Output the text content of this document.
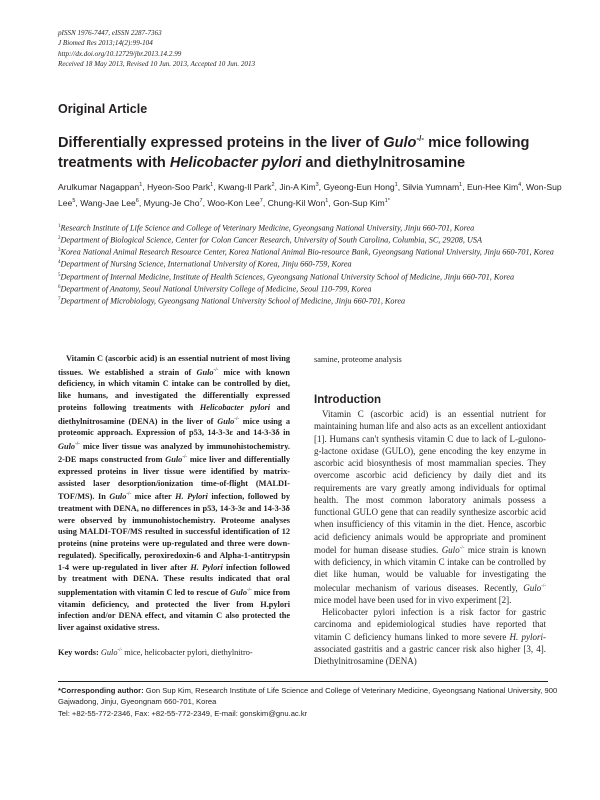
pISSN 1976-7447, eISSN 2287-7363
J Biomed Res 2013;14(2):99-104
http://dx.doi.org/10.12729/jbr.2013.14.2.99
Received 18 May 2013, Revised 10 Jun. 2013, Accepted 10 Jun. 2013
Original Article
Differentially expressed proteins in the liver of Gulo-/- mice following treatments with Helicobacter pylori and diethylnitrosamine
Arulkumar Nagappan$^1$, Hyeon-Soo Park$^1$, Kwang-Il Park$^2$, Jin-A Kim$^3$, Gyeong-Eun Hong$^1$, Silvia Yumnam$^1$, Eun-Hee Kim$^4$, Won-Sup Lee$^5$, Wang-Jae Lee$^6$, Myung-Je Cho$^7$, Woo-Kon Lee$^7$, Chung-Kil Won$^1$, Gon-Sup Kim$^{1*}$
$^1$Research Institute of Life Science and College of Veterinary Medicine, Gyeongsang National University, Jinju 660-701, Korea
$^2$Department of Biological Science, Center for Colon Cancer Research, University of South Carolina, Columbia, SC, 29208, USA
$^3$Korea National Animal Research Resource Center, Korea National Animal Bio-resource Bank, Gyeongsang National University, Jinju 660-701, Korea
$^4$Department of Nursing Science, International University of Korea, Jinju 660-759, Korea
$^5$Department of Internal Medicine, Institute of Health Sciences, Gyeongsang National University School of Medicine, Jinju 660-701, Korea
$^6$Department of Anatomy, Seoul National University College of Medicine, Seoul 110-799, Korea
$^7$Department of Microbiology, Gyeongsang National University School of Medicine, Jinju 660-701, Korea

Vitamin C (ascorbic acid) is an essential nutrient of most living tissues. We established a strain of Gulo-/- mice with known deficiency, in which vitamin C intake can be controlled by diet, like humans, and investigated the differentially expressed proteins following treatments with Helicobacter pylori and diethylnitrosamine (DENA) in the liver of Gulo-/- mice using a proteomic approach. Expression of p53, 14-3-3ε and 14-3-3δ in Gulo-/- mice liver tissue was analyzed by immunohistochemistry. 2-DE maps constructed from Gulo-/- mice liver and differentially expressed proteins in liver tissue were identified by matrix-assisted laser desorption/ionization time-of-flight (MALDI-TOF/MS). In Gulo-/- mice after H. Pylori infection, followed by treatment with DENA, no differences in p53, 14-3-3ε and 14-3-3δ were observed by immunohistochemistry. Proteome analyses using MALDI-TOF/MS resulted in successful identification of 12 proteins (nine proteins were up-regulated and three were down-regulated). Specifically, peroxiredoxin-6 and Alpha-1-antitrypsin 1-4 were up-regulated in liver after H. Pylori infection followed by treatment with DENA. These results indicated that oral supplementation with vitamin C led to rescue of Gulo-/- mice from vitamin deficiency, and protected the liver from H.pylori infection and/or DENA effect, and vitamin C also protected the liver against oxidative stress.

Key words: Gulo-/- mice, helicobacter pylori, diethylnitro-
samine, proteome analysis
Introduction

Vitamin C (ascorbic acid) is an essential nutrient for maintaining human life and also acts as an excellent antioxidant [1]. Humans can't synthesis vitamin C due to lack of L-gulono-g-lactone oxidase (GULO), gene encoding the key enzyme in ascorbic acid biosynthesis of most mammalian species. They overcome ascorbic acid deficiency by daily diet and its requirements are vary greatly among individuals for optimal health. The most common laboratory animals possess a functional GULO gene that can readily synthesize ascorbic acid when insufficiency of this vitamin in the diet. Hence, ascorbic acid deficiency animals would be appropriate and prominent model for human disease studies. Gulo-/- mice strain is known with deficiency, in which vitamin C intake can be controlled by diet like human, would be valuable for investigating the molecular mechanism of various diseases. Recently, Gulo-/- mice model have been used for in vivo experiment [2].

Helicobacter pylori infection is a risk factor for gastric carcinoma and epidemiological studies have reported that vitamin C deficiency humans linked to more severe H. pylori-associated gastritis and a gastric cancer risk also higher [3, 4]. Diethylnitrosamine (DENA)

*Corresponding author: Gon Sup Kim, Research Institute of Life Science and College of Veterinary Medicine, Gyeongsang National University, 900 Gajwadong, Jinju, Gyeongnam 660-701, Korea
Tel: +82-55-772-2346, Fax: +82-55-772-2349, E-mail: gonskim@gnu.ac.kr
